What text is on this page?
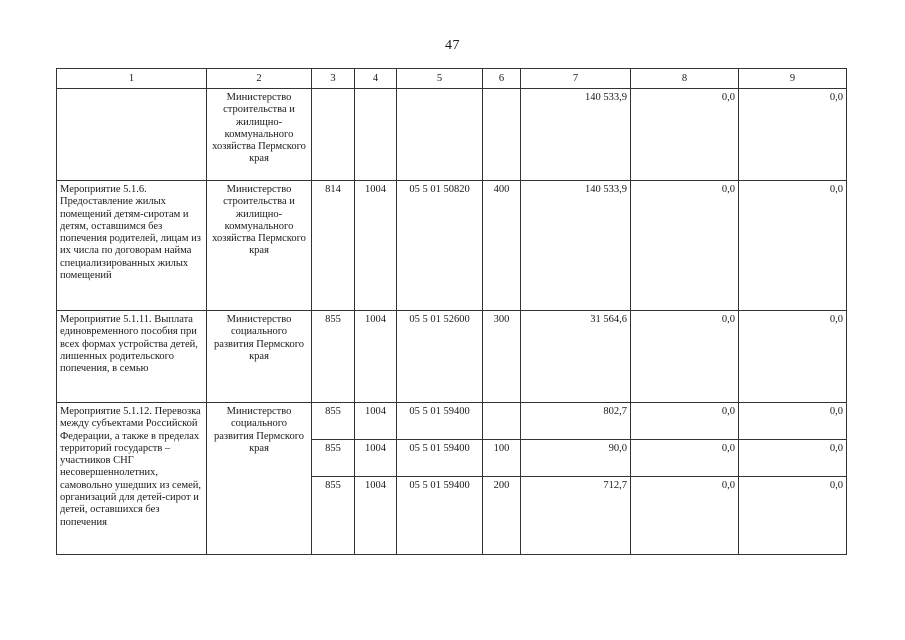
47
1	2	3	4	5	6	7	8	9
	Министерство строительства и жилищно-коммунального хозяйства Пермского края					140 533,9	0,0	0,0
Мероприятие 5.1.6. Предоставление жилых помещений детям-сиротам и детям, оставшимся без попечения родителей, лицам из их числа по договорам найма специализированных жилых помещений	Министерство строительства и жилищно-коммунального хозяйства Пермского края	814	1004	05 5 01 50820	400	140 533,9	0,0	0,0
Мероприятие 5.1.11. Выплата единовременного пособия при всех формах устройства детей, лишенных родительского попечения, в семью	Министерство социального развития Пермского края	855	1004	05 5 01 52600	300	31 564,6	0,0	0,0
Мероприятие 5.1.12. Перевозка между субъектами Российской Федерации, а также в пределах территорий государств – участников СНГ несовершеннолетних, самовольно ушедших из семей, организаций для детей-сирот и детей, оставшихся без попечения	Министерство социального развития Пермского края	855	1004	05 5 01 59400		802,7	0,0	0,0
		855	1004	05 5 01 59400	100	90,0	0,0	0,0
		855	1004	05 5 01 59400	200	712,7	0,0	0,0
